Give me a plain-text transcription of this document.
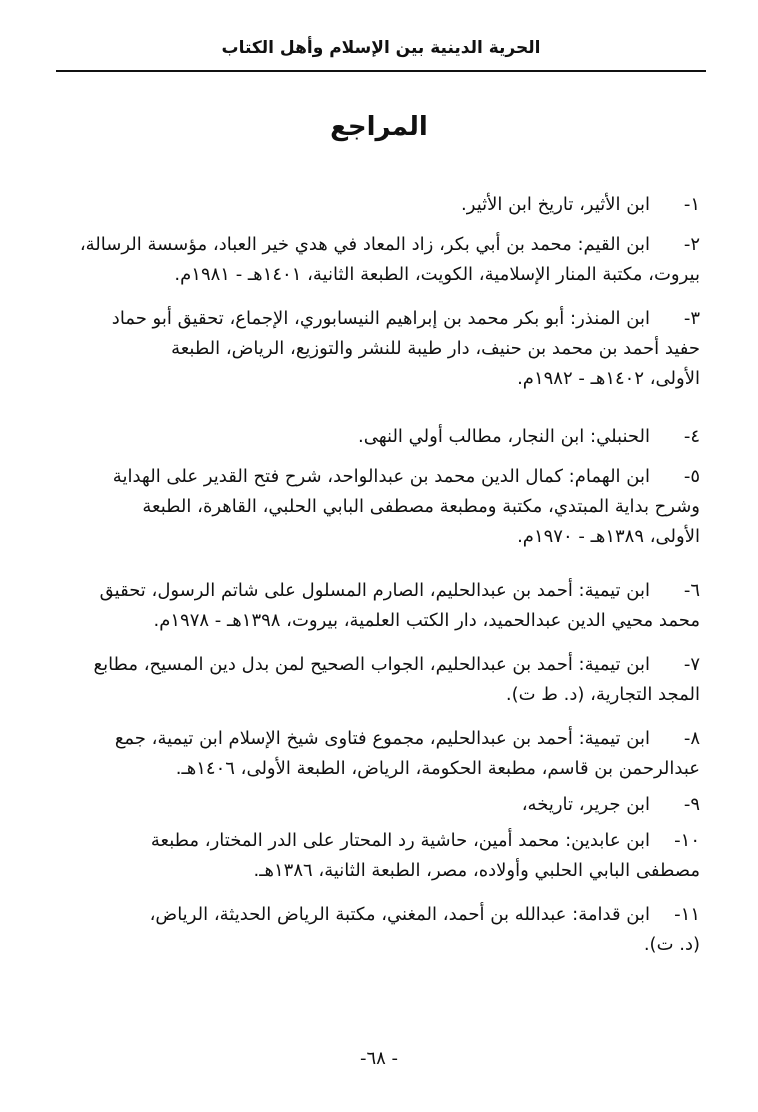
الحرية الدينية بين الإسلام وأهل الكتاب
المراجع
١-
ابن الأثير، تاريخ ابن الأثير.
٢-
ابن القيم: محمد بن أبي بكر، زاد المعاد في هدي خير العباد، مؤسسة الرسالة،
بيروت، مكتبة المنار الإسلامية، الكويت، الطبعة الثانية، ١٤٠١هـ - ١٩٨١م.
٣-
ابن المنذر: أبو بكر محمد بن إبراهيم النيسابوري، الإجماع، تحقيق أبو حماد
حفيد أحمد بن محمد بن حنيف، دار طيبة للنشر والتوزيع، الرياض، الطبعة
الأولى، ١٤٠٢هـ - ١٩٨٢م.
٤-
الحنبلي: ابن النجار، مطالب أولي النهى.
٥-
ابن الهمام: كمال الدين محمد بن عبدالواحد، شرح فتح القدير على الهداية
وشرح بداية المبتدي، مكتبة ومطبعة مصطفى البابي الحلبي، القاهرة، الطبعة
الأولى، ١٣٨٩هـ - ١٩٧٠م.
٦-
ابن تيمية: أحمد بن عبدالحليم، الصارم المسلول على شاتم الرسول، تحقيق
محمد محيي الدين عبدالحميد، دار الكتب العلمية، بيروت، ١٣٩٨هـ - ١٩٧٨م.
٧-
ابن تيمية: أحمد بن عبدالحليم، الجواب الصحيح لمن بدل دين المسيح، مطابع
المجد التجارية، (د. ط ت).
٨-
ابن تيمية: أحمد بن عبدالحليم، مجموع فتاوى شيخ الإسلام ابن تيمية، جمع
عبدالرحمن بن قاسم، مطبعة الحكومة، الرياض، الطبعة الأولى، ١٤٠٦هـ.
٩-
ابن جرير، تاريخه،
١٠-
ابن عابدين: محمد أمين، حاشية رد المحتار على الدر المختار، مطبعة
مصطفى البابي الحلبي وأولاده، مصر، الطبعة الثانية، ١٣٨٦هـ.
١١-
ابن قدامة: عبدالله بن أحمد، المغني، مكتبة الرياض الحديثة، الرياض،
(د. ت).
- ٦٨-
